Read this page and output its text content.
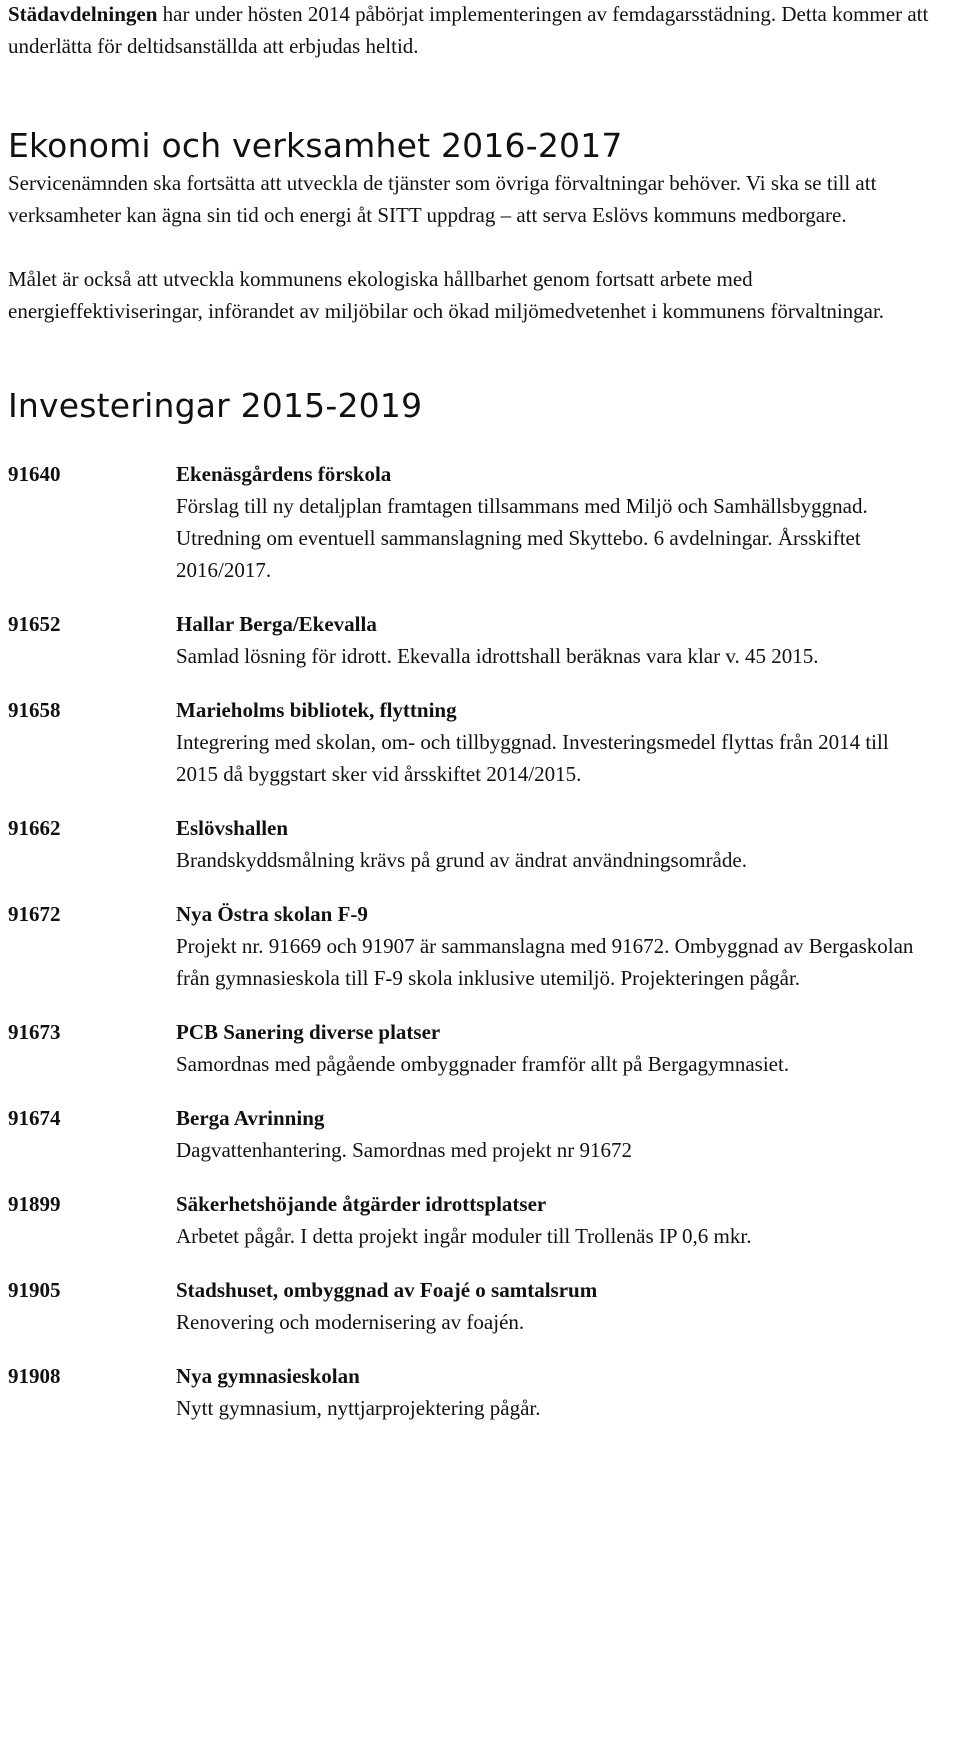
Städavdelningen har under hösten 2014 påbörjat implementeringen av femdagarsstädning. Detta kommer att underlätta för deltidsanställda att erbjudas heltid.

Ekonomi och verksamhet 2016-2017

Servicenämnden ska fortsätta att utveckla de tjänster som övriga förvaltningar behöver. Vi ska se till att verksamheter kan ägna sin tid och energi åt SITT uppdrag – att serva Eslövs kommuns medborgare.

Målet är också att utveckla kommunens ekologiska hållbarhet genom fortsatt arbete med energieffektiviseringar, införandet av miljöbilar och ökad miljömedvetenhet i kommunens förvaltningar.

Investeringar 2015-2019
91640	Ekenäsgårdens förskola
Förslag till ny detaljplan framtagen tillsammans med Miljö och Samhällsbyggnad. Utredning om eventuell sammanslagning med Skyttebo. 6 avdelningar. Årsskiftet 2016/2017.
91652	Hallar Berga/Ekevalla
Samlad lösning för idrott. Ekevalla idrottshall beräknas vara klar v. 45 2015.
91658	Marieholms bibliotek, flyttning
Integrering med skolan, om- och tillbyggnad. Investeringsmedel flyttas från 2014 till 2015 då byggstart sker vid årsskiftet 2014/2015.
91662	Eslövshallen
Brandskyddsmålning krävs på grund av ändrat användningsområde.
91672	Nya Östra skolan F-9
Projekt nr. 91669 och 91907 är sammanslagna med 91672. Ombyggnad av Bergaskolan från gymnasieskola till F-9 skola inklusive utemiljö. Projekteringen pågår.
91673	PCB Sanering diverse platser
Samordnas med pågående ombyggnader framför allt på Bergagymnasiet.
91674	Berga Avrinning
Dagvattenhantering. Samordnas med projekt nr 91672
91899	Säkerhetshöjande åtgärder idrottsplatser
Arbetet pågår. I detta projekt ingår moduler till Trollenäs IP 0,6 mkr.
91905	Stadshuset, ombyggnad av Foajé o samtalsrum
Renovering och modernisering av foajén.
91908	Nya gymnasieskolan
Nytt gymnasium, nyttjarprojektering pågår.
